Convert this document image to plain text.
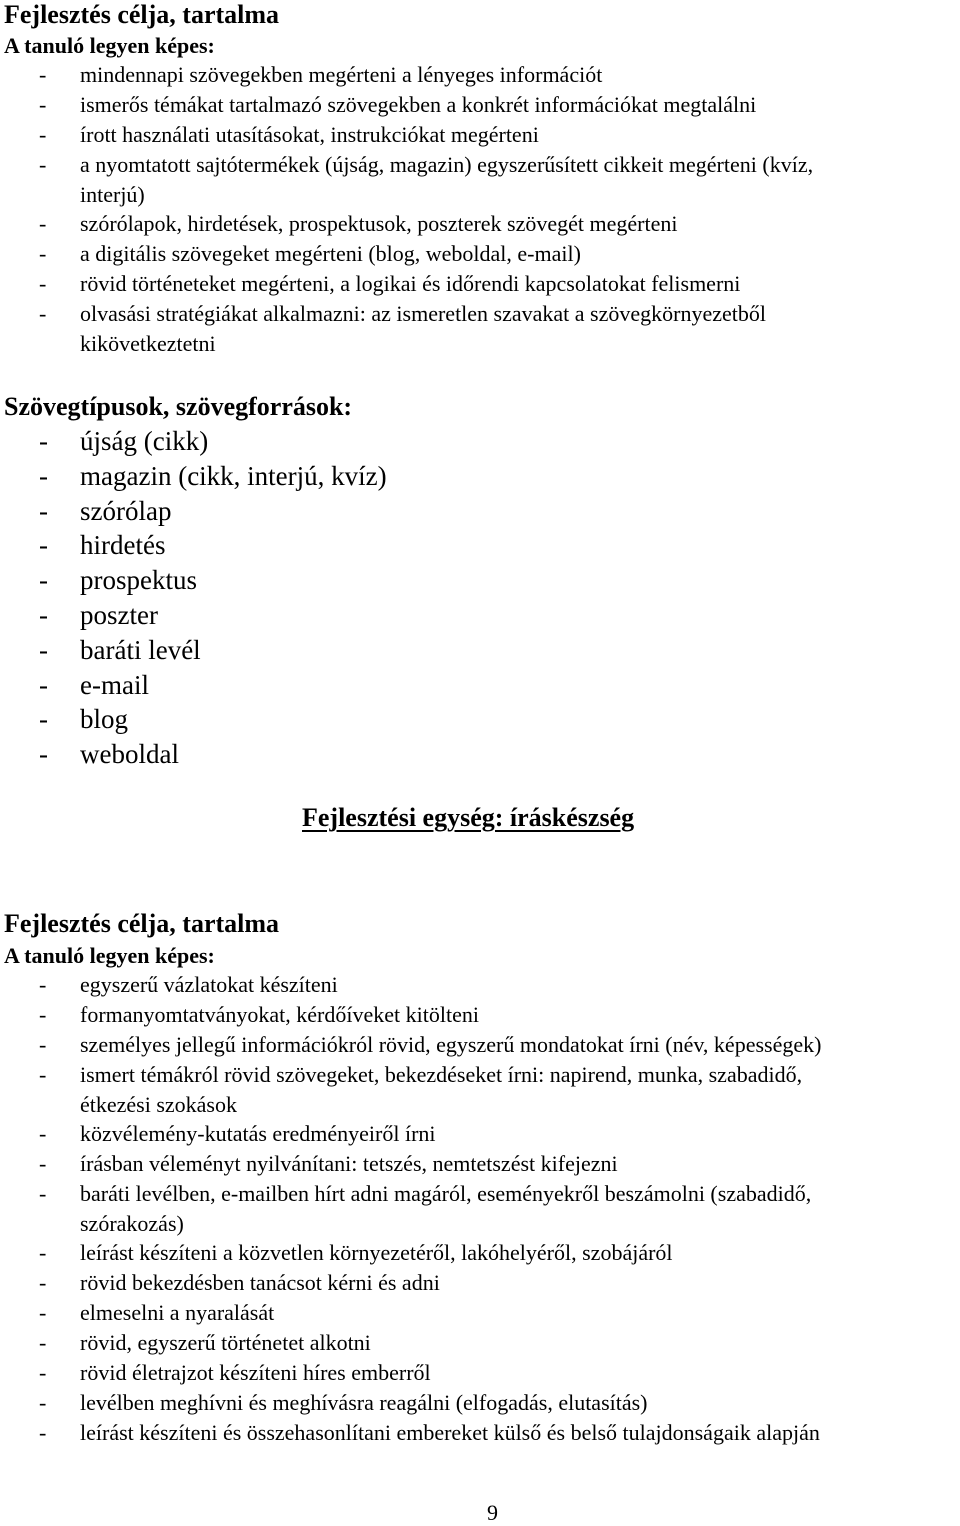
Fejlesztés célja, tartalma
A tanuló legyen képes:
- mindennapi szövegekben megérteni a lényeges információt
- ismerős témákat tartalmazó szövegekben a konkrét információkat megtalálni
- írott használati utasításokat, instrukciókat megérteni
- a nyomtatott sajtótermékek (újság, magazin) egyszerűsített cikkeit megérteni (kvíz,
interjú)
- szórólapok, hirdetések, prospektusok, poszterek szövegét megérteni
- a digitális szövegeket megérteni (blog, weboldal, e-mail)
- rövid történeteket megérteni, a logikai és időrendi kapcsolatokat felismerni
- olvasási stratégiákat alkalmazni: az ismeretlen szavakat a szövegkörnyezetből
kikövetkeztetni
Szövegtípusok, szövegforrások:
- újság (cikk)
- magazin (cikk, interjú, kvíz)
- szórólap
- hirdetés
- prospektus
- poszter
- baráti levél
- e-mail
- blog
- weboldal
Fejlesztési egység: íráskészség
Fejlesztés célja, tartalma
A tanuló legyen képes:
- egyszerű vázlatokat készíteni
- formanyomtatványokat, kérdőíveket kitölteni
- személyes jellegű információkról rövid, egyszerű mondatokat írni (név, képességek)
- ismert témákról rövid szövegeket, bekezdéseket írni: napirend, munka, szabadidő,
étkezési szokások
- közvélemény-kutatás eredményeiről írni
- írásban véleményt nyilvánítani: tetszés, nemtetszést kifejezni
- baráti levélben, e-mailben hírt adni magáról, eseményekről beszámolni (szabadidő,
szórakozás)
- leírást készíteni a közvetlen környezetéről, lakóhelyéről, szobájáról
- rövid bekezdésben tanácsot kérni és adni
- elmeselni a nyaralását
- rövid, egyszerű történetet alkotni
- rövid életrajzot készíteni híres emberről
- levélben meghívni és meghívásra reagálni (elfogadás, elutasítás)
- leírást készíteni és összehasonlítani embereket külső és belső tulajdonságaik alapján
9
